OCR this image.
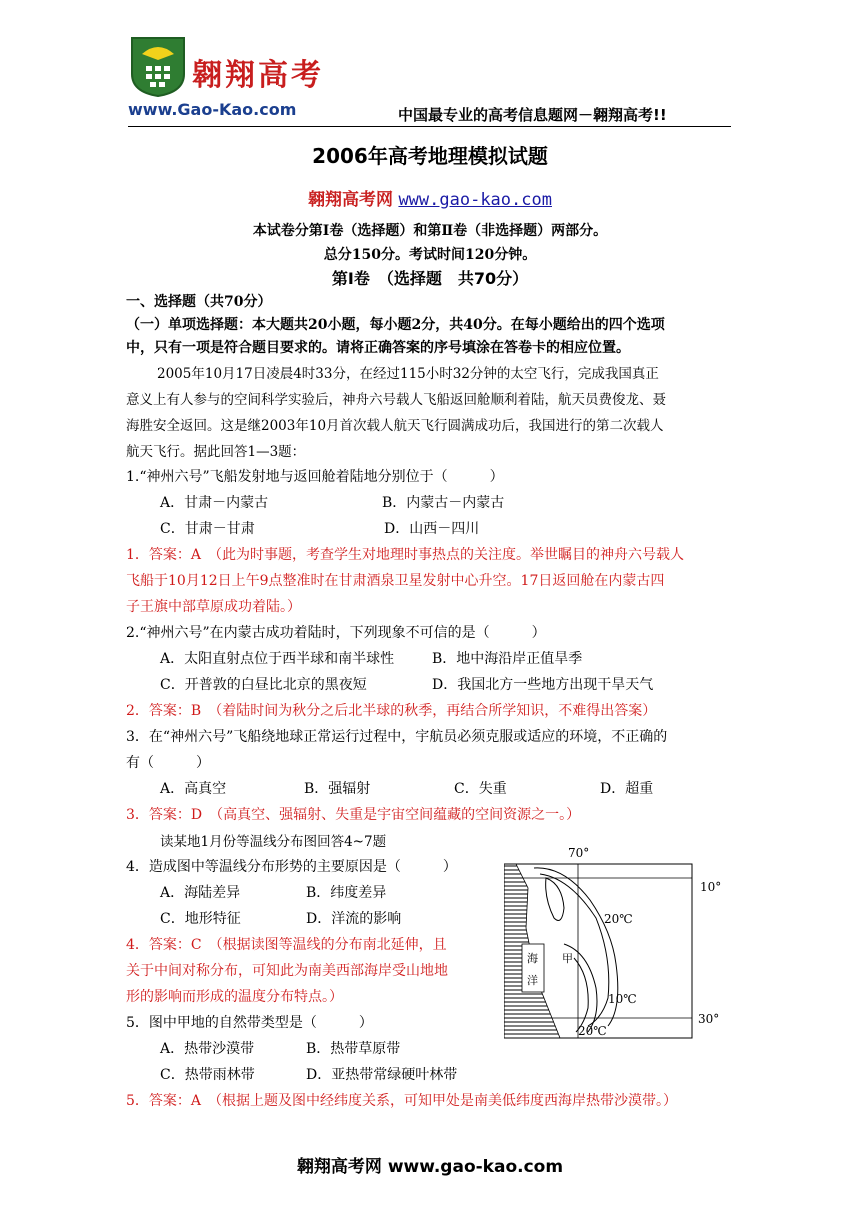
翱翔高考
www.Gao-Kao.com	中国最专业的高考信息题网－翱翔高考!!
2006年高考地理模拟试题
翱翔高考网 www.gao-kao.com
本试卷分第Ⅰ卷（选择题）和第Ⅱ卷（非选择题）两部分。
总分150分。考试时间120分钟。
第Ⅰ卷　（选择题　共70分）
一、选择题（共70分）
（一）单项选择题：本大题共20小题，每小题2分，共40分。在每小题给出的四个选项
中，只有一项是符合题目要求的。请将正确答案的序号填涂在答卷卡的相应位置。
2005年10月17日凌晨4时33分，在经过115小时32分钟的太空飞行，完成我国真正
意义上有人参与的空间科学实验后，神舟六号载人飞船返回舱顺利着陆，航天员费俊龙、聂
海胜安全返回。这是继2003年10月首次载人航天飞行圆满成功后，我国进行的第二次载人
航天飞行。据此回答1—3题：
1.“神州六号”飞船发射地与返回舱着陆地分别位于（　　　）
A．甘肃－内蒙古	B．内蒙古－内蒙古
C．甘肃－甘肃	D．山西－四川
1．答案：A　（此为时事题，考查学生对地理时事热点的关注度。举世瞩目的神舟六号载人
飞船于10月12日上午9点整准时在甘肃酒泉卫星发射中心升空。17日返回舱在内蒙古四
子王旗中部草原成功着陆。）
2.“神州六号”在内蒙古成功着陆时，下列现象不可信的是（　　　）
A．太阳直射点位于西半球和南半球性	B．地中海沿岸正值旱季
C．开普敦的白昼比北京的黑夜短	D．我国北方一些地方出现干旱天气
2．答案：B　（着陆时间为秋分之后北半球的秋季，再结合所学知识，不难得出答案）
3．在“神州六号”飞船绕地球正常运行过程中，宇航员必须克服或适应的环境，不正确的
有（　　　）
A．高真空	B．强辐射	C．失重	D．超重
3．答案：D　（高真空、强辐射、失重是宇宙空间蕴藏的空间资源之一。）
读某地1月份等温线分布图回答4~7题
4．造成图中等温线分布形势的主要原因是（　　　）
A．海陆差异	B．纬度差异
C．地形特征	D．洋流的影响
4．答案：C　（根据读图等温线的分布南北延伸，且
关于中间对称分布，可知此为南美西部海岸受山地地
形的影响而形成的温度分布特点。）
5．图中甲地的自然带类型是（　　　）
A．热带沙漠带	B．热带草原带
C．热带雨林带	D．亚热带常绿硬叶林带
5．答案：A　（根据上题及图中经纬度关系，可知甲处是南美低纬度西海岸热带沙漠带。）
70°
10°
30°
20℃
10℃
20℃
海
洋
甲
翱翔高考网 www.gao-kao.com
